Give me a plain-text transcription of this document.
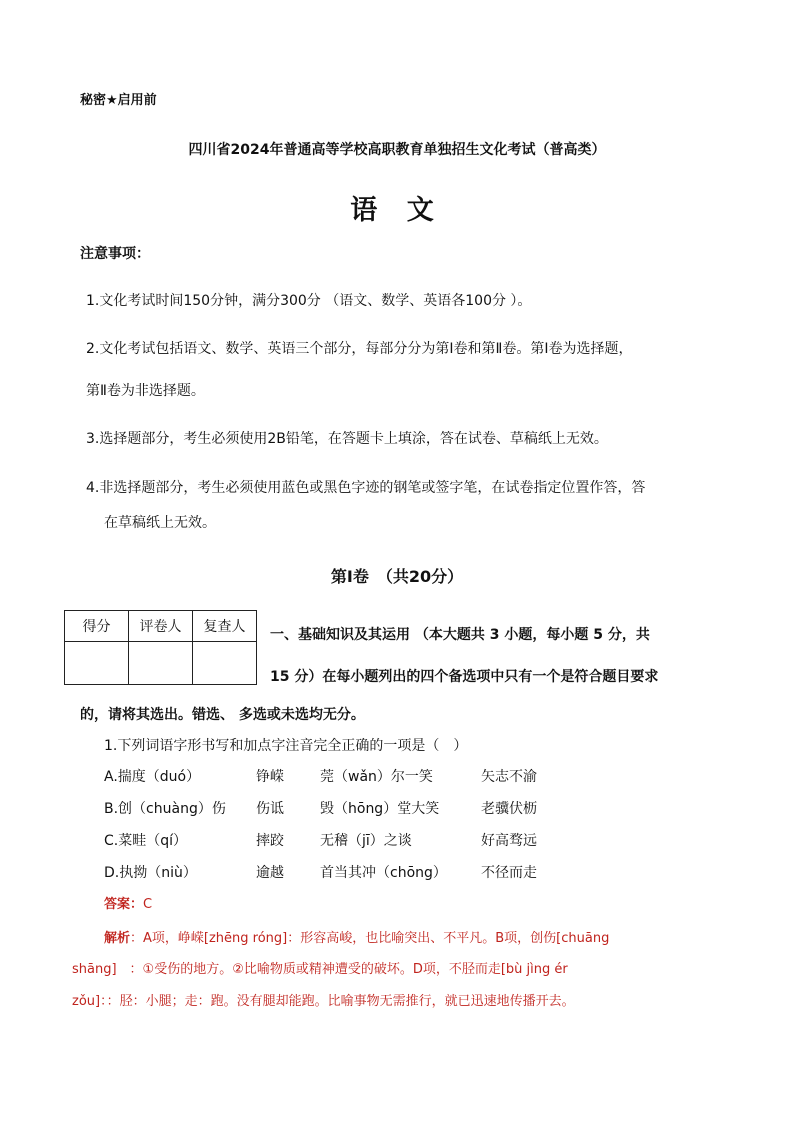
秘密★启用前
四川省2024年普通高等学校高职教育单独招生文化考试（普高类）
语 文
注意事项：
1.文化考试时间150分钟，满分300分 （语文、数学、英语各100分 ）。
2.文化考试包括语文、数学、英语三个部分，每部分分为第Ⅰ卷和第Ⅱ卷。第Ⅰ卷为选择题，
第Ⅱ卷为非选择题。
3.选择题部分，考生必须使用2B铅笔，在答题卡上填涂，答在试卷、草稿纸上无效。
4.非选择题部分，考生必须使用蓝色或黑色字迹的钢笔或签字笔，在试卷指定位置作答，答
在草稿纸上无效。
第Ⅰ卷　（共20分）
得分	评卷人	复查人
		一、基础知识及其运用 （本大题共 3 小题，每小题 5 分，共
15 分）在每小题列出的四个备选项中只有一个是符合题目要求
的，请将其选出。错选、 多选或未选均无分。
1.下列词语字形书写和加点字注音完全正确的一项是（　）
A.揣度（duó）	铮嵘	莞（wǎn）尔一笑	矢志不渝
B.创（chuàng）伤 伤诋	毁（hōng）堂大笑	老骥伏枥
C.菜畦（qí）	摔跤	无稽（jī）之谈	好高骛远
D.执拗（niù）	逾越	首当其冲（chōng） 不径而走
答案：C
解析：A项，峥嵘[zhēng róng]：形容高峻，也比喻突出、不平凡。B项，创伤[chuāng
shāng]　：①受伤的地方。②比喻物质或精神遭受的破坏。D项，不胫而走[bù jìng ér
zǒu]：：胫：小腿；走：跑。没有腿却能跑。比喻事物无需推行，就已迅速地传播开去。
